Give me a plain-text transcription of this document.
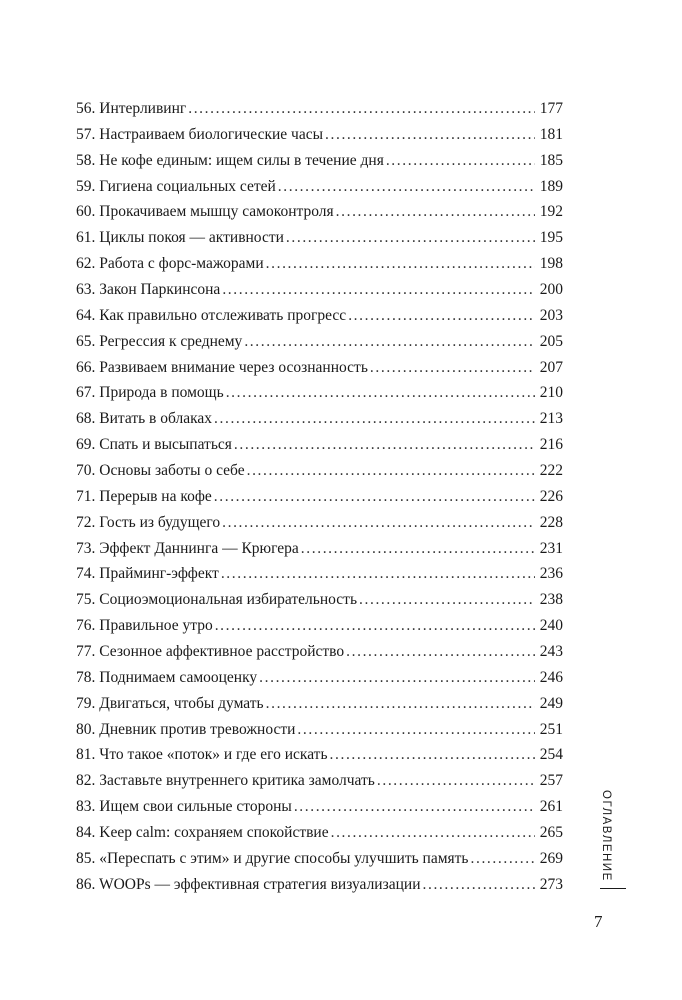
56. Интерливинг .....	177
57. Настраиваем биологические часы .....	181
58. Не кофе единым: ищем силы в течение дня .....	185
59. Гигиена социальных сетей .....	189
60. Прокачиваем мышцу самоконтроля .....	192
61. Циклы покоя — активности .....	195
62. Работа с форс-мажорами .....	198
63. Закон Паркинсона .....	200
64. Как правильно отслеживать прогресс .....	203
65. Регрессия к среднему .....	205
66. Развиваем внимание через осознанность .....	207
67. Природа в помощь .....	210
68. Витать в облаках .....	213
69. Спать и высыпаться .....	216
70. Основы заботы о себе .....	222
71. Перерыв на кофе .....	226
72. Гость из будущего .....	228
73. Эффект Даннинга — Крюгера .....	231
74. Прайминг-эффект .....	236
75. Социоэмоциональная избирательность .....	238
76. Правильное утро .....	240
77. Сезонное аффективное расстройство .....	243
78. Поднимаем самооценку .....	246
79. Двигаться, чтобы думать .....	249
80. Дневник против тревожности .....	251
81. Что такое «поток» и где его искать .....	254
82. Заставьте внутреннего критика замолчать .....	257
83. Ищем свои сильные стороны .....	261
84. Keep calm: сохраняем спокойствие .....	265
85. «Переспать с этим» и другие способы улучшить память .....	269
86. WOOPs — эффективная стратегия визуализации .....	273
ОГЛАВЛЕНИЕ
7
